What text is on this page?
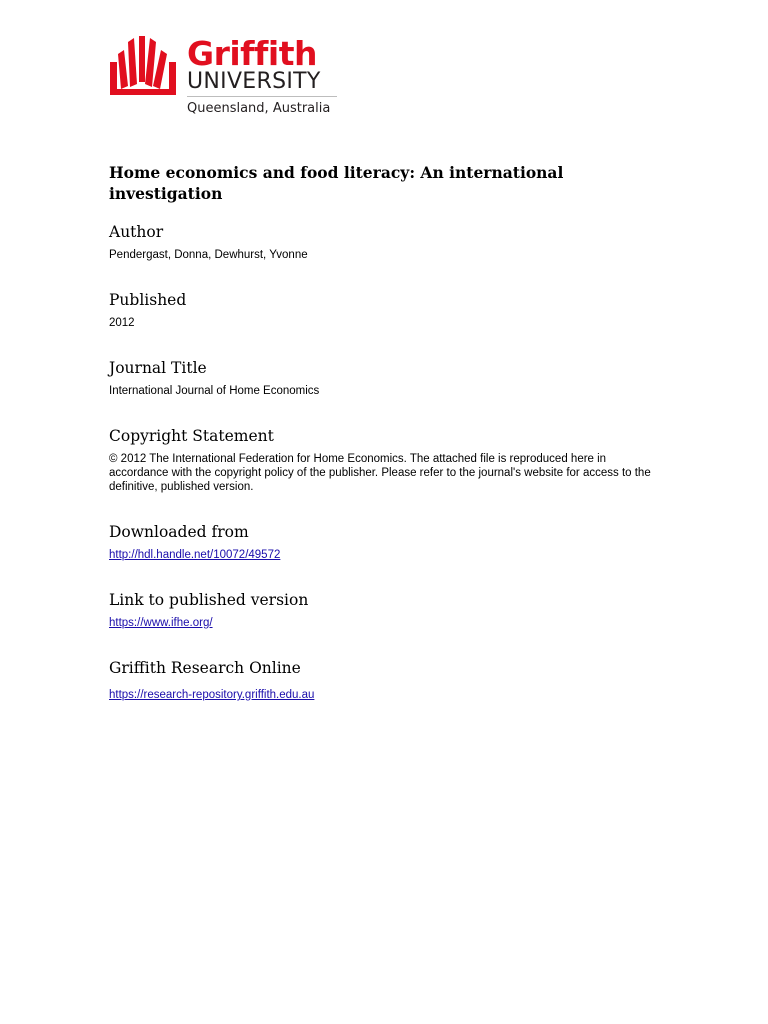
Griffith
UNIVERSITY
Queensland, Australia
Home economics and food literacy: An international investigation
Author
Pendergast, Donna, Dewhurst, Yvonne
Published
2012
Journal Title
International Journal of Home Economics
Copyright Statement
© 2012 The International Federation for Home Economics. The attached file is reproduced here in accordance with the copyright policy of the publisher. Please refer to the journal's website for access to the definitive, published version.
Downloaded from
http://hdl.handle.net/10072/49572
Link to published version
https://www.ifhe.org/
Griffith Research Online
https://research-repository.griffith.edu.au
